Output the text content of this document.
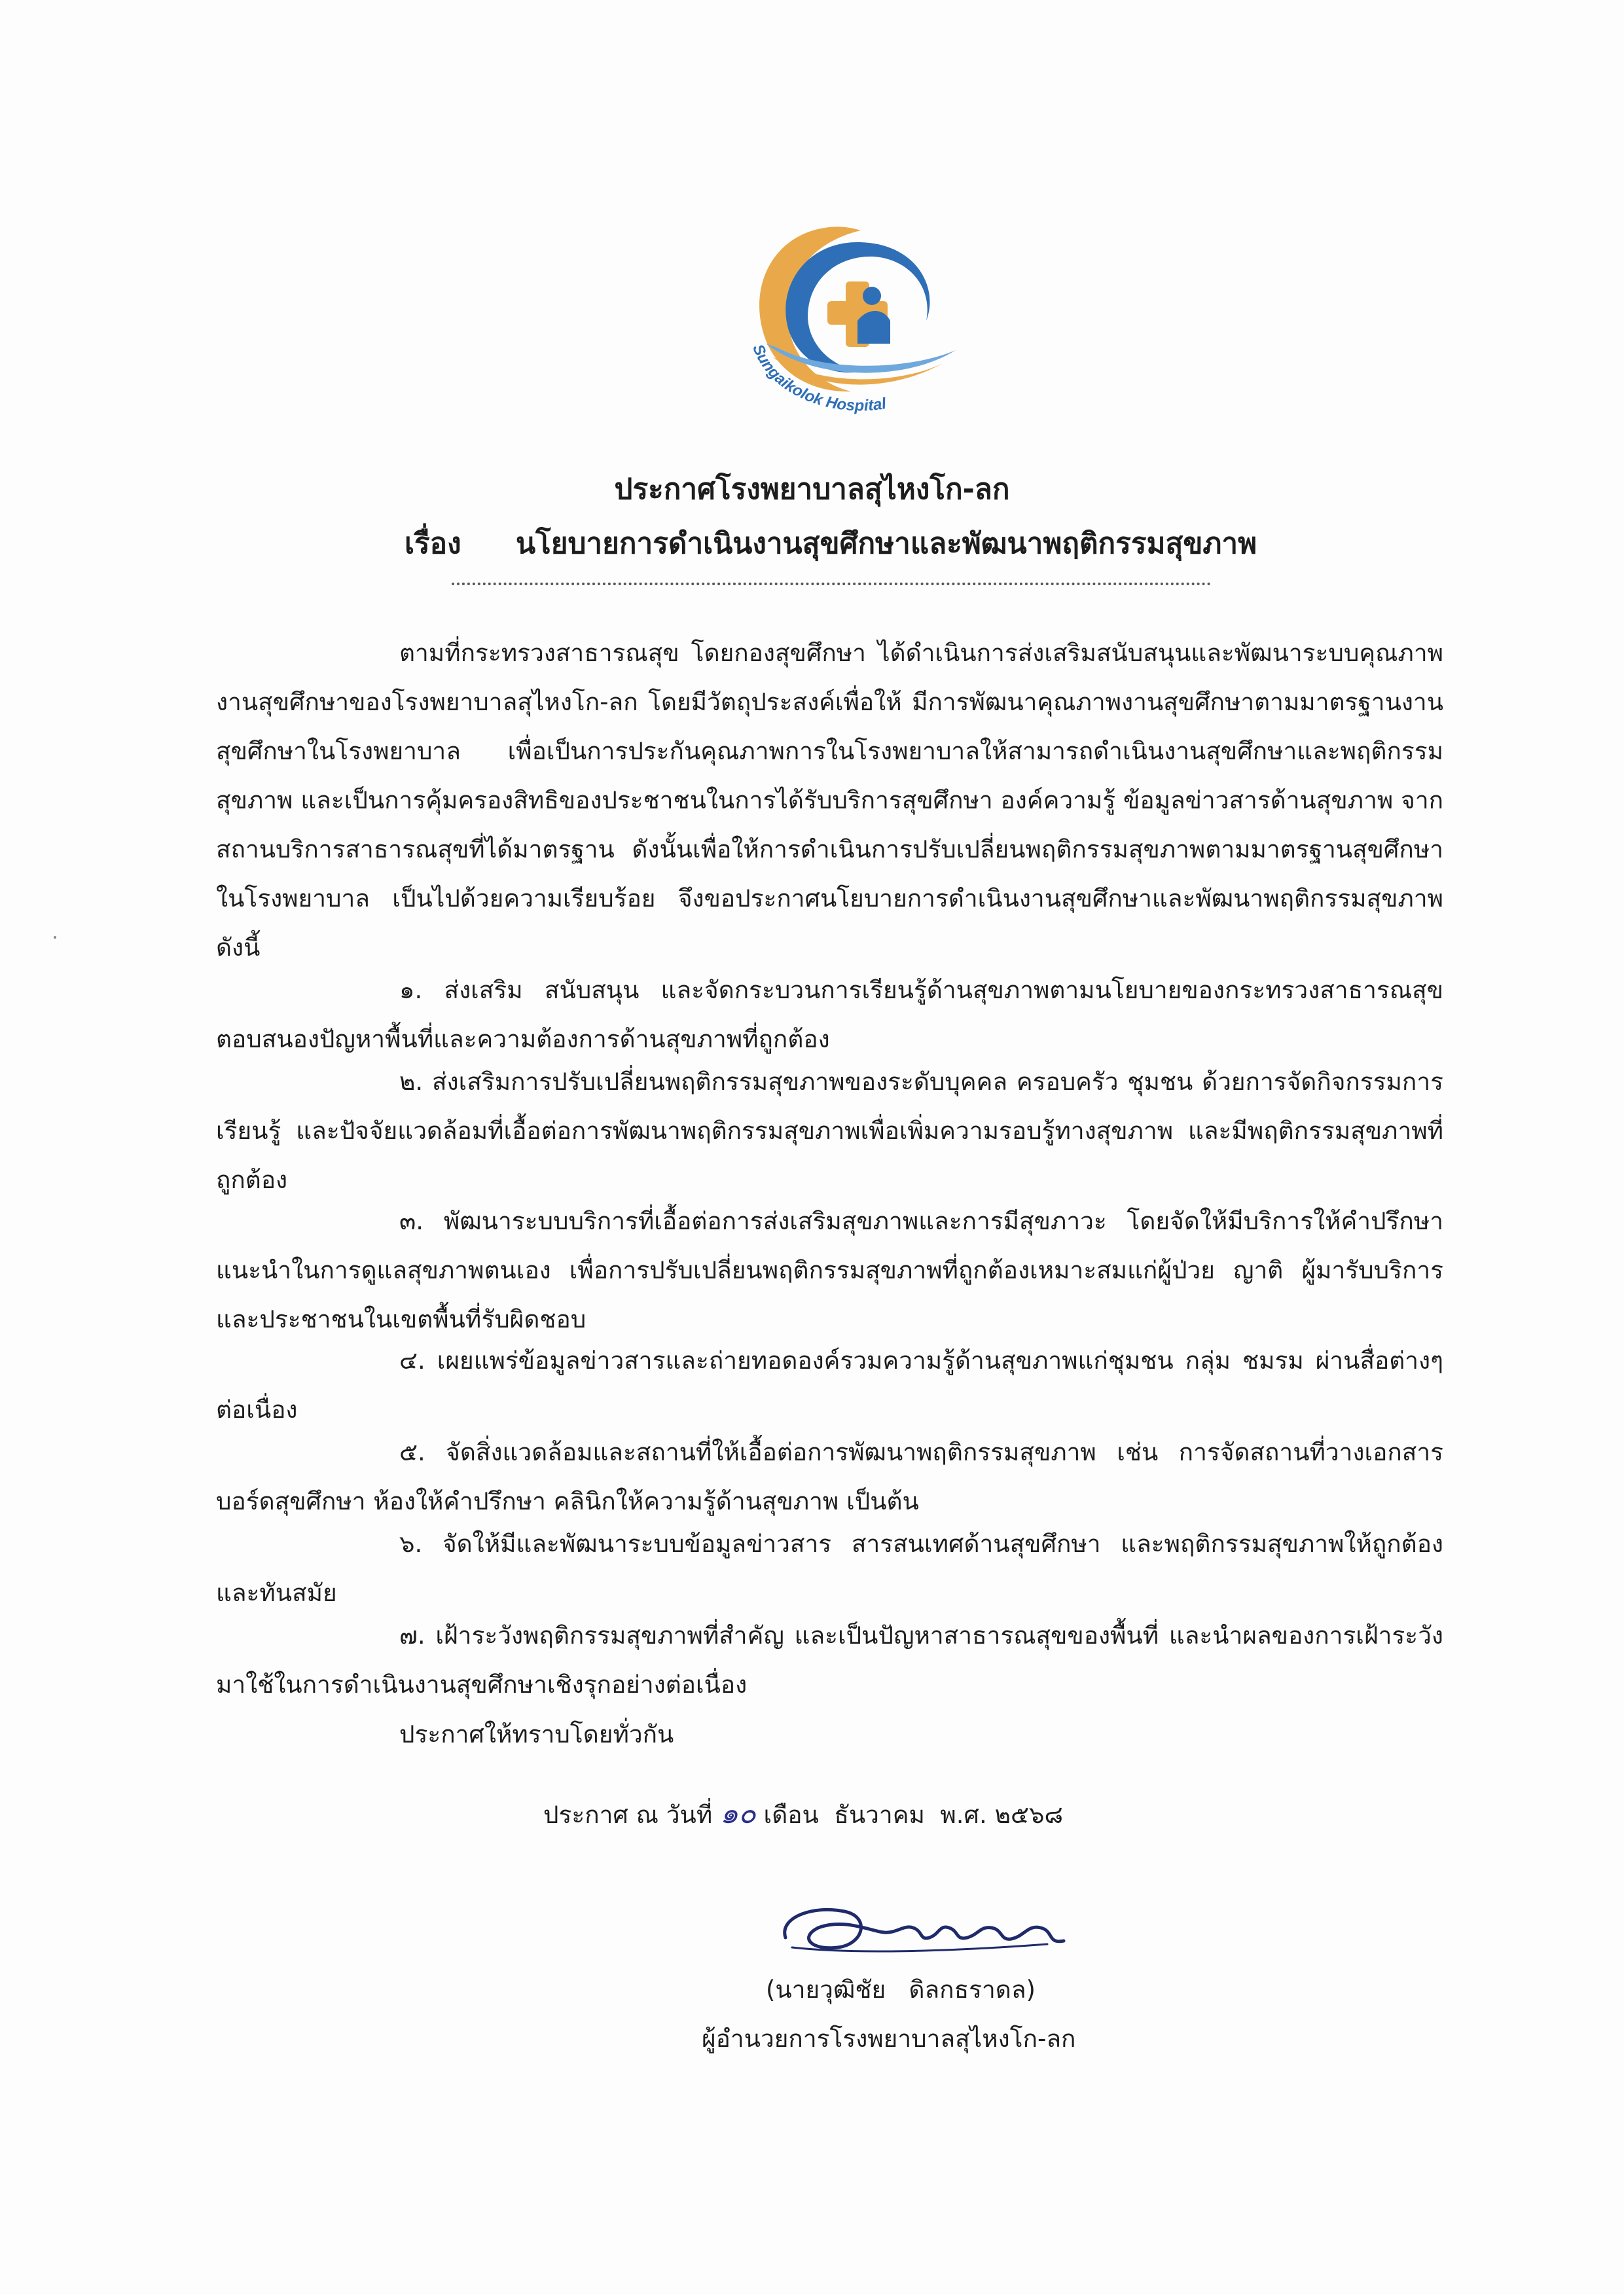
Sungaikolok Hospital
ประกาศโรงพยาบาลสุไหงโก-ลก
เรื่อง นโยบายการดำเนินงานสุขศึกษาและพัฒนาพฤติกรรมสุขภาพ
ตามที่กระทรวงสาธารณสุข โดยกองสุขศึกษา ได้ดำเนินการส่งเสริมสนับสนุนและพัฒนาระบบคุณภาพงานสุขศึกษาของโรงพยาบาลสุไหงโก-ลก โดยมีวัตถุประสงค์เพื่อให้ มีการพัฒนาคุณภาพงานสุขศึกษาตามมาตรฐานงานสุขศึกษาในโรงพยาบาล เพื่อเป็นการประกันคุณภาพการในโรงพยาบาลให้สามารถดำเนินงานสุขศึกษาและพฤติกรรมสุขภาพ และเป็นการคุ้มครองสิทธิของประชาชนในการได้รับบริการสุขศึกษา องค์ความรู้ ข้อมูลข่าวสารด้านสุขภาพ จากสถานบริการสาธารณสุขที่ได้มาตรฐาน ดังนั้นเพื่อให้การดำเนินการปรับเปลี่ยนพฤติกรรมสุขภาพตามมาตรฐานสุขศึกษาในโรงพยาบาล เป็นไปด้วยความเรียบร้อย จึงขอประกาศนโยบายการดำเนินงานสุขศึกษาและพัฒนาพฤติกรรมสุขภาพ ดังนี้
๑. ส่งเสริม สนับสนุน และจัดกระบวนการเรียนรู้ด้านสุขภาพตามนโยบายของกระทรวงสาธารณสุข ตอบสนองปัญหาพื้นที่และความต้องการด้านสุขภาพที่ถูกต้อง
๒. ส่งเสริมการปรับเปลี่ยนพฤติกรรมสุขภาพของระดับบุคคล ครอบครัว ชุมชน ด้วยการจัดกิจกรรมการเรียนรู้ และปัจจัยแวดล้อมที่เอื้อต่อการพัฒนาพฤติกรรมสุขภาพเพื่อเพิ่มความรอบรู้ทางสุขภาพ และมีพฤติกรรมสุขภาพที่ถูกต้อง
๓. พัฒนาระบบบริการที่เอื้อต่อการส่งเสริมสุขภาพและการมีสุขภาวะ โดยจัดให้มีบริการให้คำปรึกษาแนะนำในการดูแลสุขภาพตนเอง เพื่อการปรับเปลี่ยนพฤติกรรมสุขภาพที่ถูกต้องเหมาะสมแก่ผู้ป่วย ญาติ ผู้มารับบริการและประชาชนในเขตพื้นที่รับผิดชอบ
๔. เผยแพร่ข้อมูลข่าวสารและถ่ายทอดองค์รวมความรู้ด้านสุขภาพแก่ชุมชน กลุ่ม ชมรม ผ่านสื่อต่างๆต่อเนื่อง
๕. จัดสิ่งแวดล้อมและสถานที่ให้เอื้อต่อการพัฒนาพฤติกรรมสุขภาพ เช่น การจัดสถานที่วางเอกสาร บอร์ดสุขศึกษา ห้องให้คำปรึกษา คลินิกให้ความรู้ด้านสุขภาพ เป็นต้น
๖. จัดให้มีและพัฒนาระบบข้อมูลข่าวสาร สารสนเทศด้านสุขศึกษา และพฤติกรรมสุขภาพให้ถูกต้องและทันสมัย
๗. เฝ้าระวังพฤติกรรมสุขภาพที่สำคัญ และเป็นปัญหาสาธารณสุขของพื้นที่ และนำผลของการเฝ้าระวังมาใช้ในการดำเนินงานสุขศึกษาเชิงรุกอย่างต่อเนื่อง
ประกาศให้ทราบโดยทั่วกัน
ประกาศ ณ วันที่ ๑๐ เดือน ธันวาคม พ.ศ. ๒๕๖๘
(นายวุฒิชัย   ดิลกธราดล)
ผู้อำนวยการโรงพยาบาลสุไหงโก-ลก
